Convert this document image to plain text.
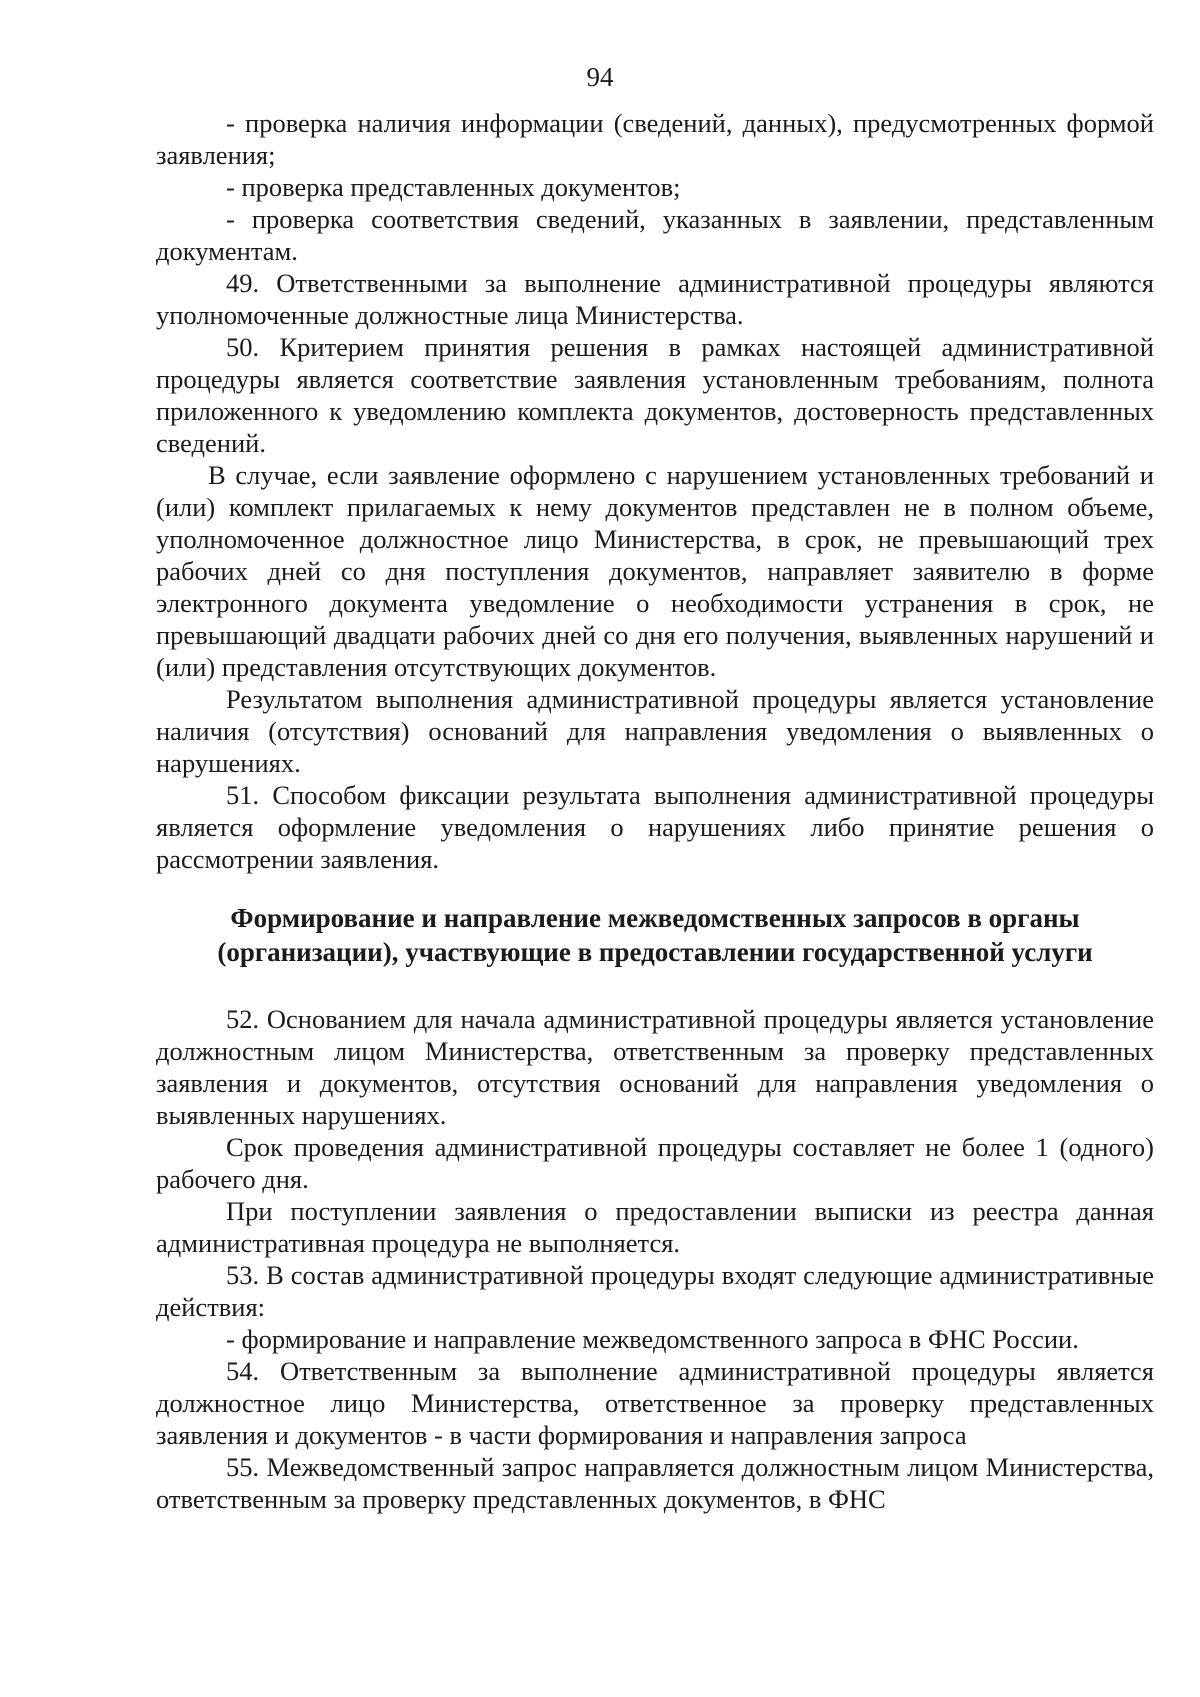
94

- проверка наличия информации (сведений, данных), предусмотренных формой заявления;

- проверка представленных документов;

- проверка соответствия сведений, указанных в заявлении, представленным документам.

49. Ответственными за выполнение административной процедуры являются уполномоченные должностные лица Министерства.

50. Критерием принятия решения в рамках настоящей административной процедуры является соответствие заявления установленным требованиям, полнота приложенного к уведомлению комплекта документов, достоверность представленных сведений.

В случае, если заявление оформлено с нарушением установленных требований и (или) комплект прилагаемых к нему документов представлен не в полном объеме, уполномоченное должностное лицо Министерства, в срок, не превышающий трех рабочих дней со дня поступления документов, направляет заявителю в форме электронного документа уведомление о необходимости устранения в срок, не превышающий двадцати рабочих дней со дня его получения, выявленных нарушений и (или) представления отсутствующих документов.

Результатом выполнения административной процедуры является установление наличия (отсутствия) оснований для направления уведомления о выявленных о нарушениях.

51. Способом фиксации результата выполнения административной процедуры является оформление уведомления о нарушениях либо принятие решения о рассмотрении заявления.

Формирование и направление межведомственных запросов в органы
(организации), участвующие в предоставлении государственной услуги

52. Основанием для начала административной процедуры является установление должностным лицом Министерства, ответственным за проверку представленных заявления и документов, отсутствия оснований для направления уведомления о выявленных нарушениях.

Срок проведения административной процедуры составляет не более 1 (одного) рабочего дня.

При поступлении заявления о предоставлении выписки из реестра данная административная процедура не выполняется.

53. В состав административной процедуры входят следующие административные действия:

- формирование и направление межведомственного запроса в ФНС России.

54. Ответственным за выполнение административной процедуры является должностное лицо Министерства, ответственное за проверку представленных заявления и документов - в части формирования и направления запроса

55. Межведомственный запрос направляется должностным лицом Министерства, ответственным за проверку представленных документов, в ФНС
